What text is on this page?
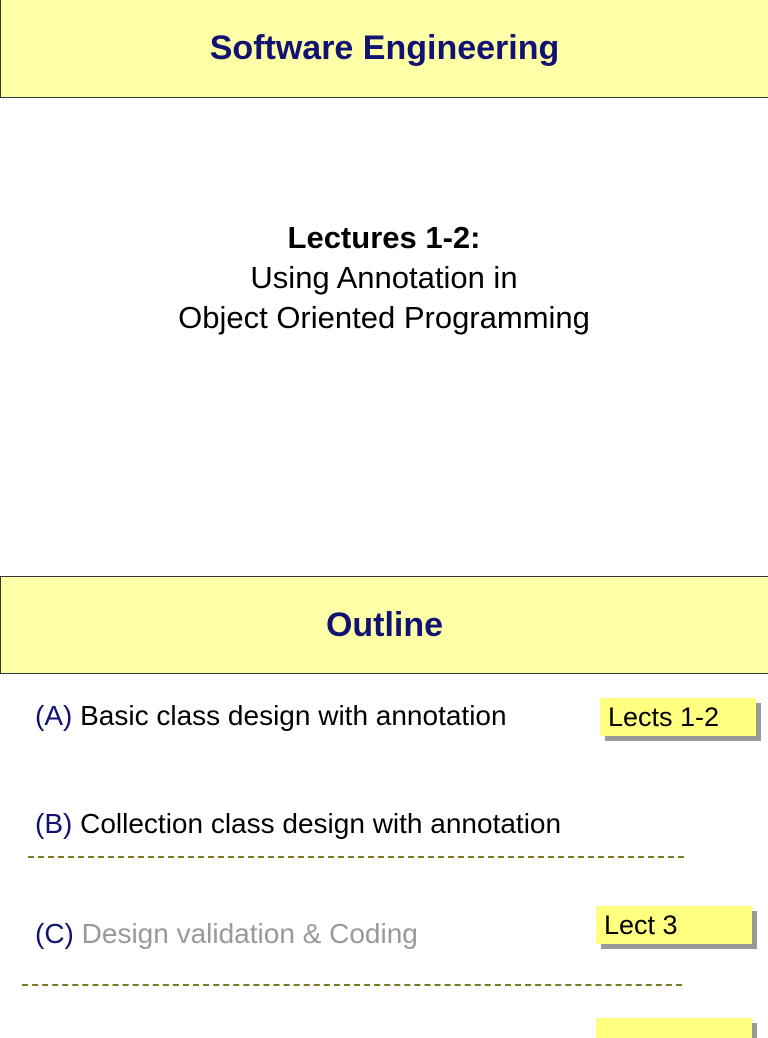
Software Engineering
Lectures 1-2:
Using Annotation in
Object Oriented Programming
Outline
(A) Basic class design with annotation	Lects 1-2
(B) Collection class design with annotation
(C) Design validation & Coding	Lect 3
